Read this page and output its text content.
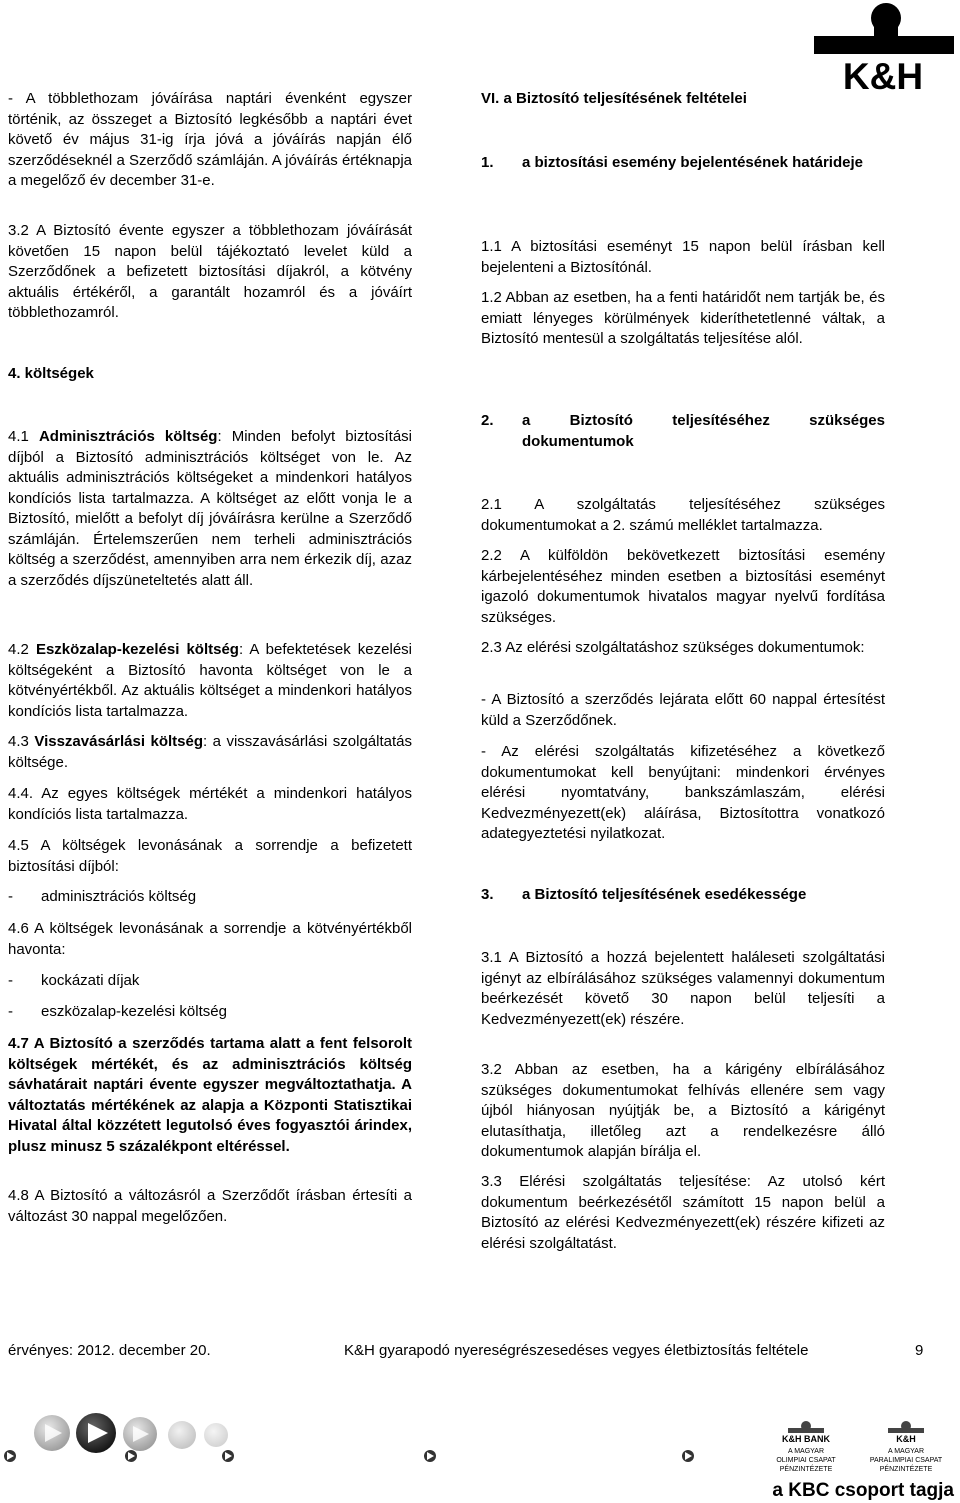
K&H

- A többlethozam jóváírása naptári évenként egyszer történik, az összeget a Biztosító legkésőbb a naptári évet követő év május 31-ig írja jóvá a jóváírás napján élő szerződéseknél a Szerződő számláján. A jóváírás értéknapja a megelőző év december 31-e.

3.2 A Biztosító évente egyszer a többlethozam jóváírását követően 15 napon belül tájékoztató levelet küld a Szerződőnek a befizetett biztosítási díjakról, a kötvény aktuális értékéről, a garantált hozamról és a jóváírt többlethozamról.

4. költségek

4.1 Adminisztrációs költség: Minden befolyt biztosítási díjból a Biztosító adminisztrációs költséget von le. Az aktuális adminisztrációs költségeket a mindenkori hatályos kondíciós lista tartalmazza. A költséget az előtt vonja le a Biztosító, mielőtt a befolyt díj jóváírásra kerülne a Szerződő számláján. Értelemszerűen nem terheli adminisztrációs költség a szerződést, amennyiben arra nem érkezik díj, azaz a szerződés díjszüneteltetés alatt áll.

4.2 Eszközalap-kezelési költség: A befektetések kezelési költségeként a Biztosító havonta költséget von le a kötvényértékből. Az aktuális költséget a mindenkori hatályos kondíciós lista tartalmazza.

4.3 Visszavásárlási költség: a visszavásárlási szolgáltatás költsége.

4.4. Az egyes költségek mértékét a mindenkori hatályos kondíciós lista tartalmazza.

4.5 A költségek levonásának a sorrendje a befizetett biztosítási díjból:

-	adminisztrációs költség

4.6 A költségek levonásának a sorrendje a kötvényértékből havonta:

-	kockázati díjak
-	eszközalap-kezelési költség

4.7 A Biztosító a szerződés tartama alatt a fent felsorolt költségek mértékét, és az adminisztrációs költség sávhatárait naptári évente egyszer megváltoztathatja. A változtatás mértékének az alapja a Központi Statisztikai Hivatal által közzétett legutolsó éves fogyasztói árindex, plusz minusz 5 százalékpont eltéréssel.

4.8 A Biztosító a változásról a Szerződőt írásban értesíti a változást 30 nappal megelőzően.

VI. a Biztosító teljesítésének feltételei
1.	a biztosítási esemény bejelentésének határideje

1.1 A biztosítási eseményt 15 napon belül írásban kell bejelenteni a Biztosítónál.

1.2 Abban az esetben, ha a fenti határidőt nem tartják be, és emiatt lényeges körülmények kideríthetetlenné váltak, a Biztosító mentesül a szolgáltatás teljesítése alól.

2.	a Biztosító teljesítéséhez szükséges dokumentumok

2.1 A szolgáltatás teljesítéséhez szükséges dokumentumokat a 2. számú melléklet tartalmazza.

2.2 A külföldön bekövetkezett biztosítási esemény kárbejelentéséhez minden esetben a biztosítási eseményt igazoló dokumentumok hivatalos magyar nyelvű fordítása szükséges.

2.3 Az elérési szolgáltatáshoz szükséges dokumentumok:

- A Biztosító a szerződés lejárata előtt 60 nappal értesítést küld a Szerződőnek.

- Az elérési szolgáltatás kifizetéséhez a következő dokumentumokat kell benyújtani: mindenkori érvényes elérési nyomtatvány, bankszámlaszám, elérési Kedvezményezett(ek) aláírása, Biztosítottra vonatkozó adategyeztetési nyilatkozat.

3.	a Biztosító teljesítésének esedékessége

3.1 A Biztosító a hozzá bejelentett haláleseti szolgáltatási igényt az elbírálásához szükséges valamennyi dokumentum beérkezését követő 30 napon belül teljesíti a Kedvezményezett(ek) részére.

3.2 Abban az esetben, ha a kárigény elbírálásához szükséges dokumentumokat felhívás ellenére sem vagy újból hiányosan nyújtják be, a Biztosító a kárigényt elutasíthatja, illetőleg azt a rendelkezésre álló dokumentumok alapján bírálja el.

3.3 Elérési szolgáltatás teljesítése: Az utolsó kért dokumentum beérkezésétől számított 15 napon belül a Biztosító az elérési Kedvezményezett(ek) részére kifizeti az elérési szolgáltatást.

érvényes: 2012. december 20.	K&H gyarapodó nyereségrészesedéses vegyes életbiztosítás feltétele	9
K&H BANK
A MAGYAR
OLIMPIAI CSAPAT
PÉNZINTÉZETE
K&H
A MAGYAR
PARALIMPIAI CSAPAT
PÉNZINTÉZETE
a KBC csoport tagja
